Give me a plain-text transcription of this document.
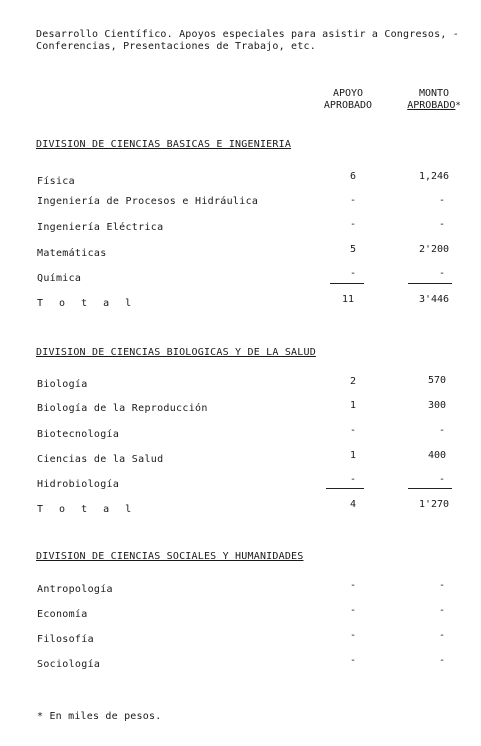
Desarrollo Científico. Apoyos especiales para asistir a Congresos, -
Conferencias, Presentaciones de Trabajo, etc.
APOYO
APROBADO
MONTO
APROBADO*
DIVISION DE CIENCIAS BASICAS E INGENIERIA
Física	6	1,246
Ingeniería de Procesos e Hidráulica	-	-
Ingeniería Eléctrica	-	-
Matemáticas	5	2'200
Química	-	-
T o t a l	11	3'446
DIVISION DE CIENCIAS BIOLOGICAS Y DE LA SALUD
Biología	2	570
Biología de la Reproducción	1	300
Biotecnología	-	-
Ciencias de la Salud	1	400
Hidrobiología	-	-
T o t a l	4	1'270
DIVISION DE CIENCIAS SOCIALES Y HUMANIDADES
Antropología	-	-
Economía	-	-
Filosofía	-	-
Sociología	-	-
* En miles de pesos.
